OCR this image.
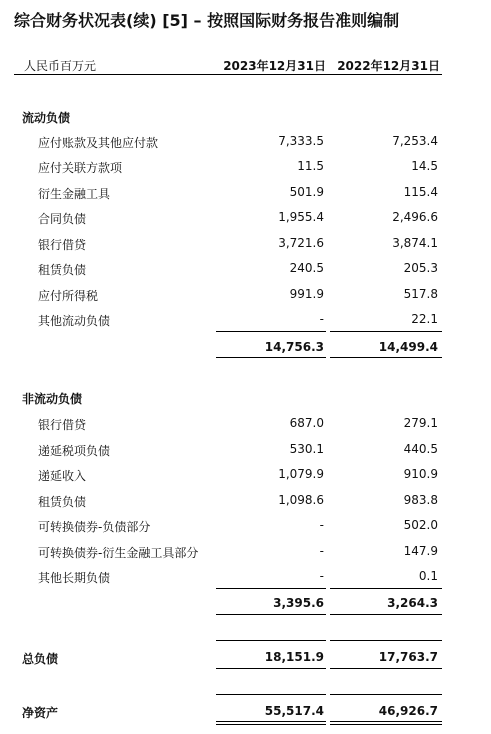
综合财务状况表(续) [5] – 按照国际财务报告准则编制
人民币百万元	2023年12月31日 2022年12月31日
流动负债
应付账款及其他应付款	7,333.5	7,253.4
应付关联方款项	11.5	14.5
衍生金融工具	501.9	115.4
合同负债	1,955.4	2,496.6
银行借贷	3,721.6	3,874.1
租赁负债	240.5	205.3
应付所得税	991.9	517.8
其他流动负债	-	22.1
14,756.3	14,499.4
非流动负债
银行借贷	687.0	279.1
递延税项负债	530.1	440.5
递延收入	1,079.9	910.9
租赁负债	1,098.6	983.8
可转换债券-负债部分	-	502.0
可转换债券-衍生金融工具部分	-	147.9
其他长期负债	-	0.1
3,395.6	3,264.3
总负债	18,151.9	17,763.7
净资产	55,517.4	46,926.7
